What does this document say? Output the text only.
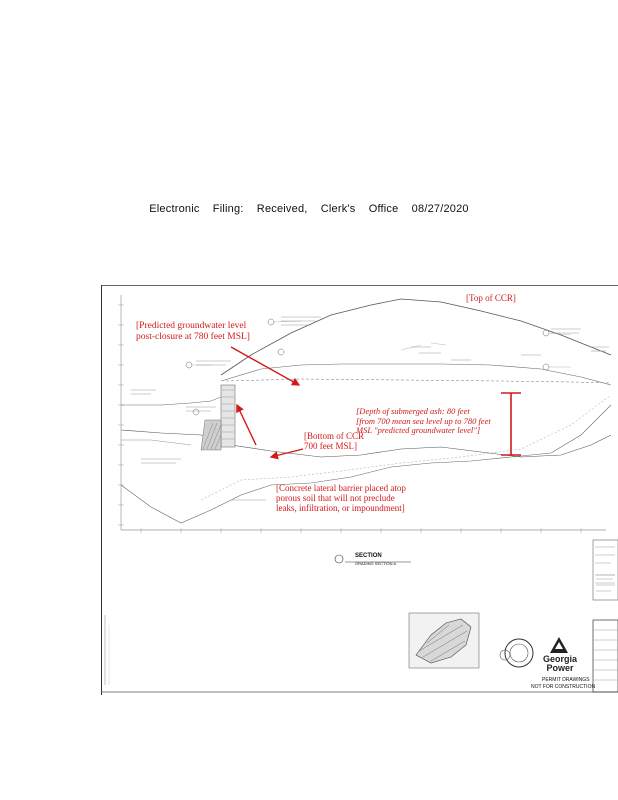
Electronic Filing: Received, Clerk's Office 08/27/2020
[Top of CCR]
[Predicted groundwater level post-closure at 780 feet MSL]
[Depth of submerged ash: 80 feet
[from 700 mean sea level up to 780 feet
MSL "predicted groundwater level"]
[Bottom of CCR 700 feet MSL]
[Concrete lateral barrier placed atop porous soil that will not preclude leaks, infiltration, or impoundment]
SECTION
GRADING SECTION A
Georgia
Power
PERMIT DRAWINGS
NOT FOR CONSTRUCTION
